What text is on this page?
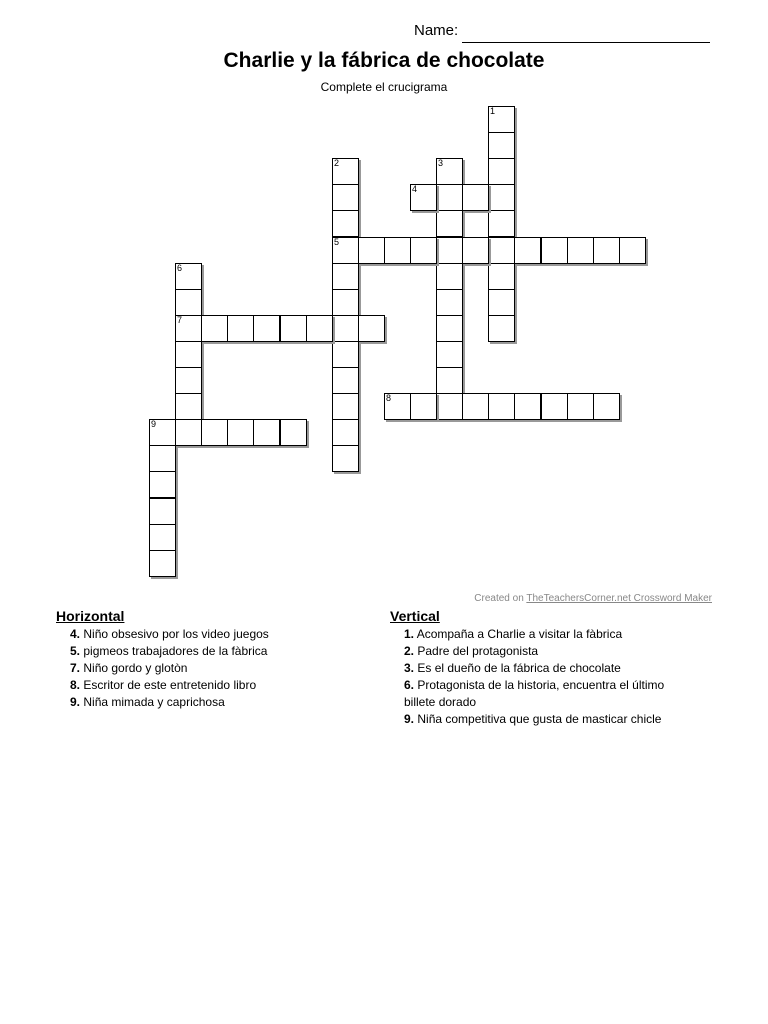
Name:
Charlie y la fábrica de chocolate
Complete el crucigrama
1
2
5
3
4
6
7
8
9
Created on TheTeachersCorner.net Crossword Maker
Horizontal
4. Niño obsesivo por los video juegos
5. pigmeos trabajadores de la fàbrica
7. Niño gordo y glotòn
8. Escritor de este entretenido libro
9. Niña mimada y caprichosa
Vertical
1. Acompaña a Charlie a visitar la fàbrica
2. Padre del protagonista
3. Es el dueño de la fábrica de chocolate
6. Protagonista de la historia, encuentra el último billete dorado
9. Niña competitiva que gusta de masticar chicle
